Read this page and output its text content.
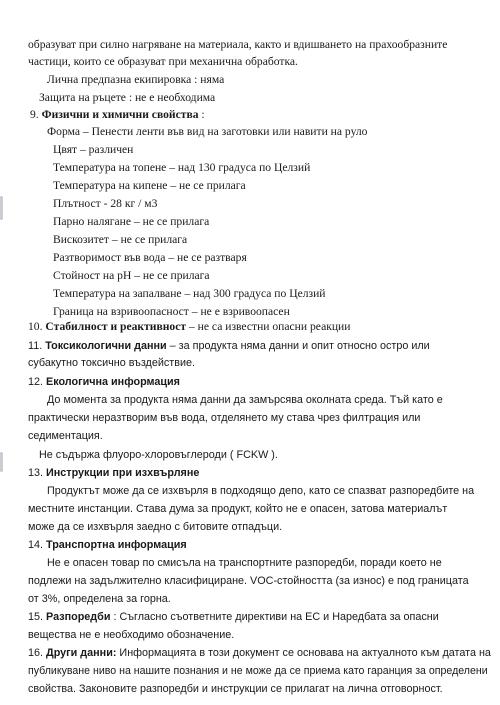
образуват при силно нагряване на материала, както и вдишването на прахообразните
частици, които се образуват при механична обработка.
Лична предпазна екипировка : няма
Защита на ръцете : не е необходима
9. Физични и химични свойства :
Форма – Пенести ленти във вид на заготовки или навити на руло
Цвят – различен
Температура на топене – над 130 градуса по Целзий
Температура на кипене – не се прилага
Плътност - 28 кг / м3
Парно налягане – не се прилага
Вискозитет – не се прилага
Разтворимост във вода – не се разтваря
Стойност на рН – не се прилага
Температура на запалване – над 300 градуса по Целзий
Граница на взривоопасност – не е взривоопасен
10. Стабилност и реактивност – не са известни опасни реакции
11. Токсикологични данни – за продукта няма данни и опит относно остро или
субакутно токсично въздействие.
12. Екологична информация
До момента за продукта няма данни да замърсява околната среда. Тъй като е
практически неразтворим във вода, отделянето му става чрез филтрация или
седиментация.
Не съдържа флуоро-хлоровъглероди ( FCKW ).
13. Инструкции при изхвърляне
Продуктът може да се изхвърля в подходящо депо, като се спазват разпоредбите на
местните инстанции. Става дума за продукт, който не е опасен, затова материалът
може да се изхвърля заедно с битовите отпадъци.
14. Транспортна информация
Не е опасен товар по смисъла на транспортните разпоредби, поради което не
подлежи на задължително класифициране. VOC-стойността (за износ) е под границата
от 3%, определена за горна.
15. Разпоредби : Съгласно съответните директиви на ЕС и Наредбата за опасни
вещества не е необходимо обозначение.
16. Други данни: Информацията в този документ се основава на актуалното към датата на
публикуване ниво на нашите познания и не може да се приема като гаранция за определени
свойства. Законовите разпоредби и инструкции се прилагат на лична отговорност.
